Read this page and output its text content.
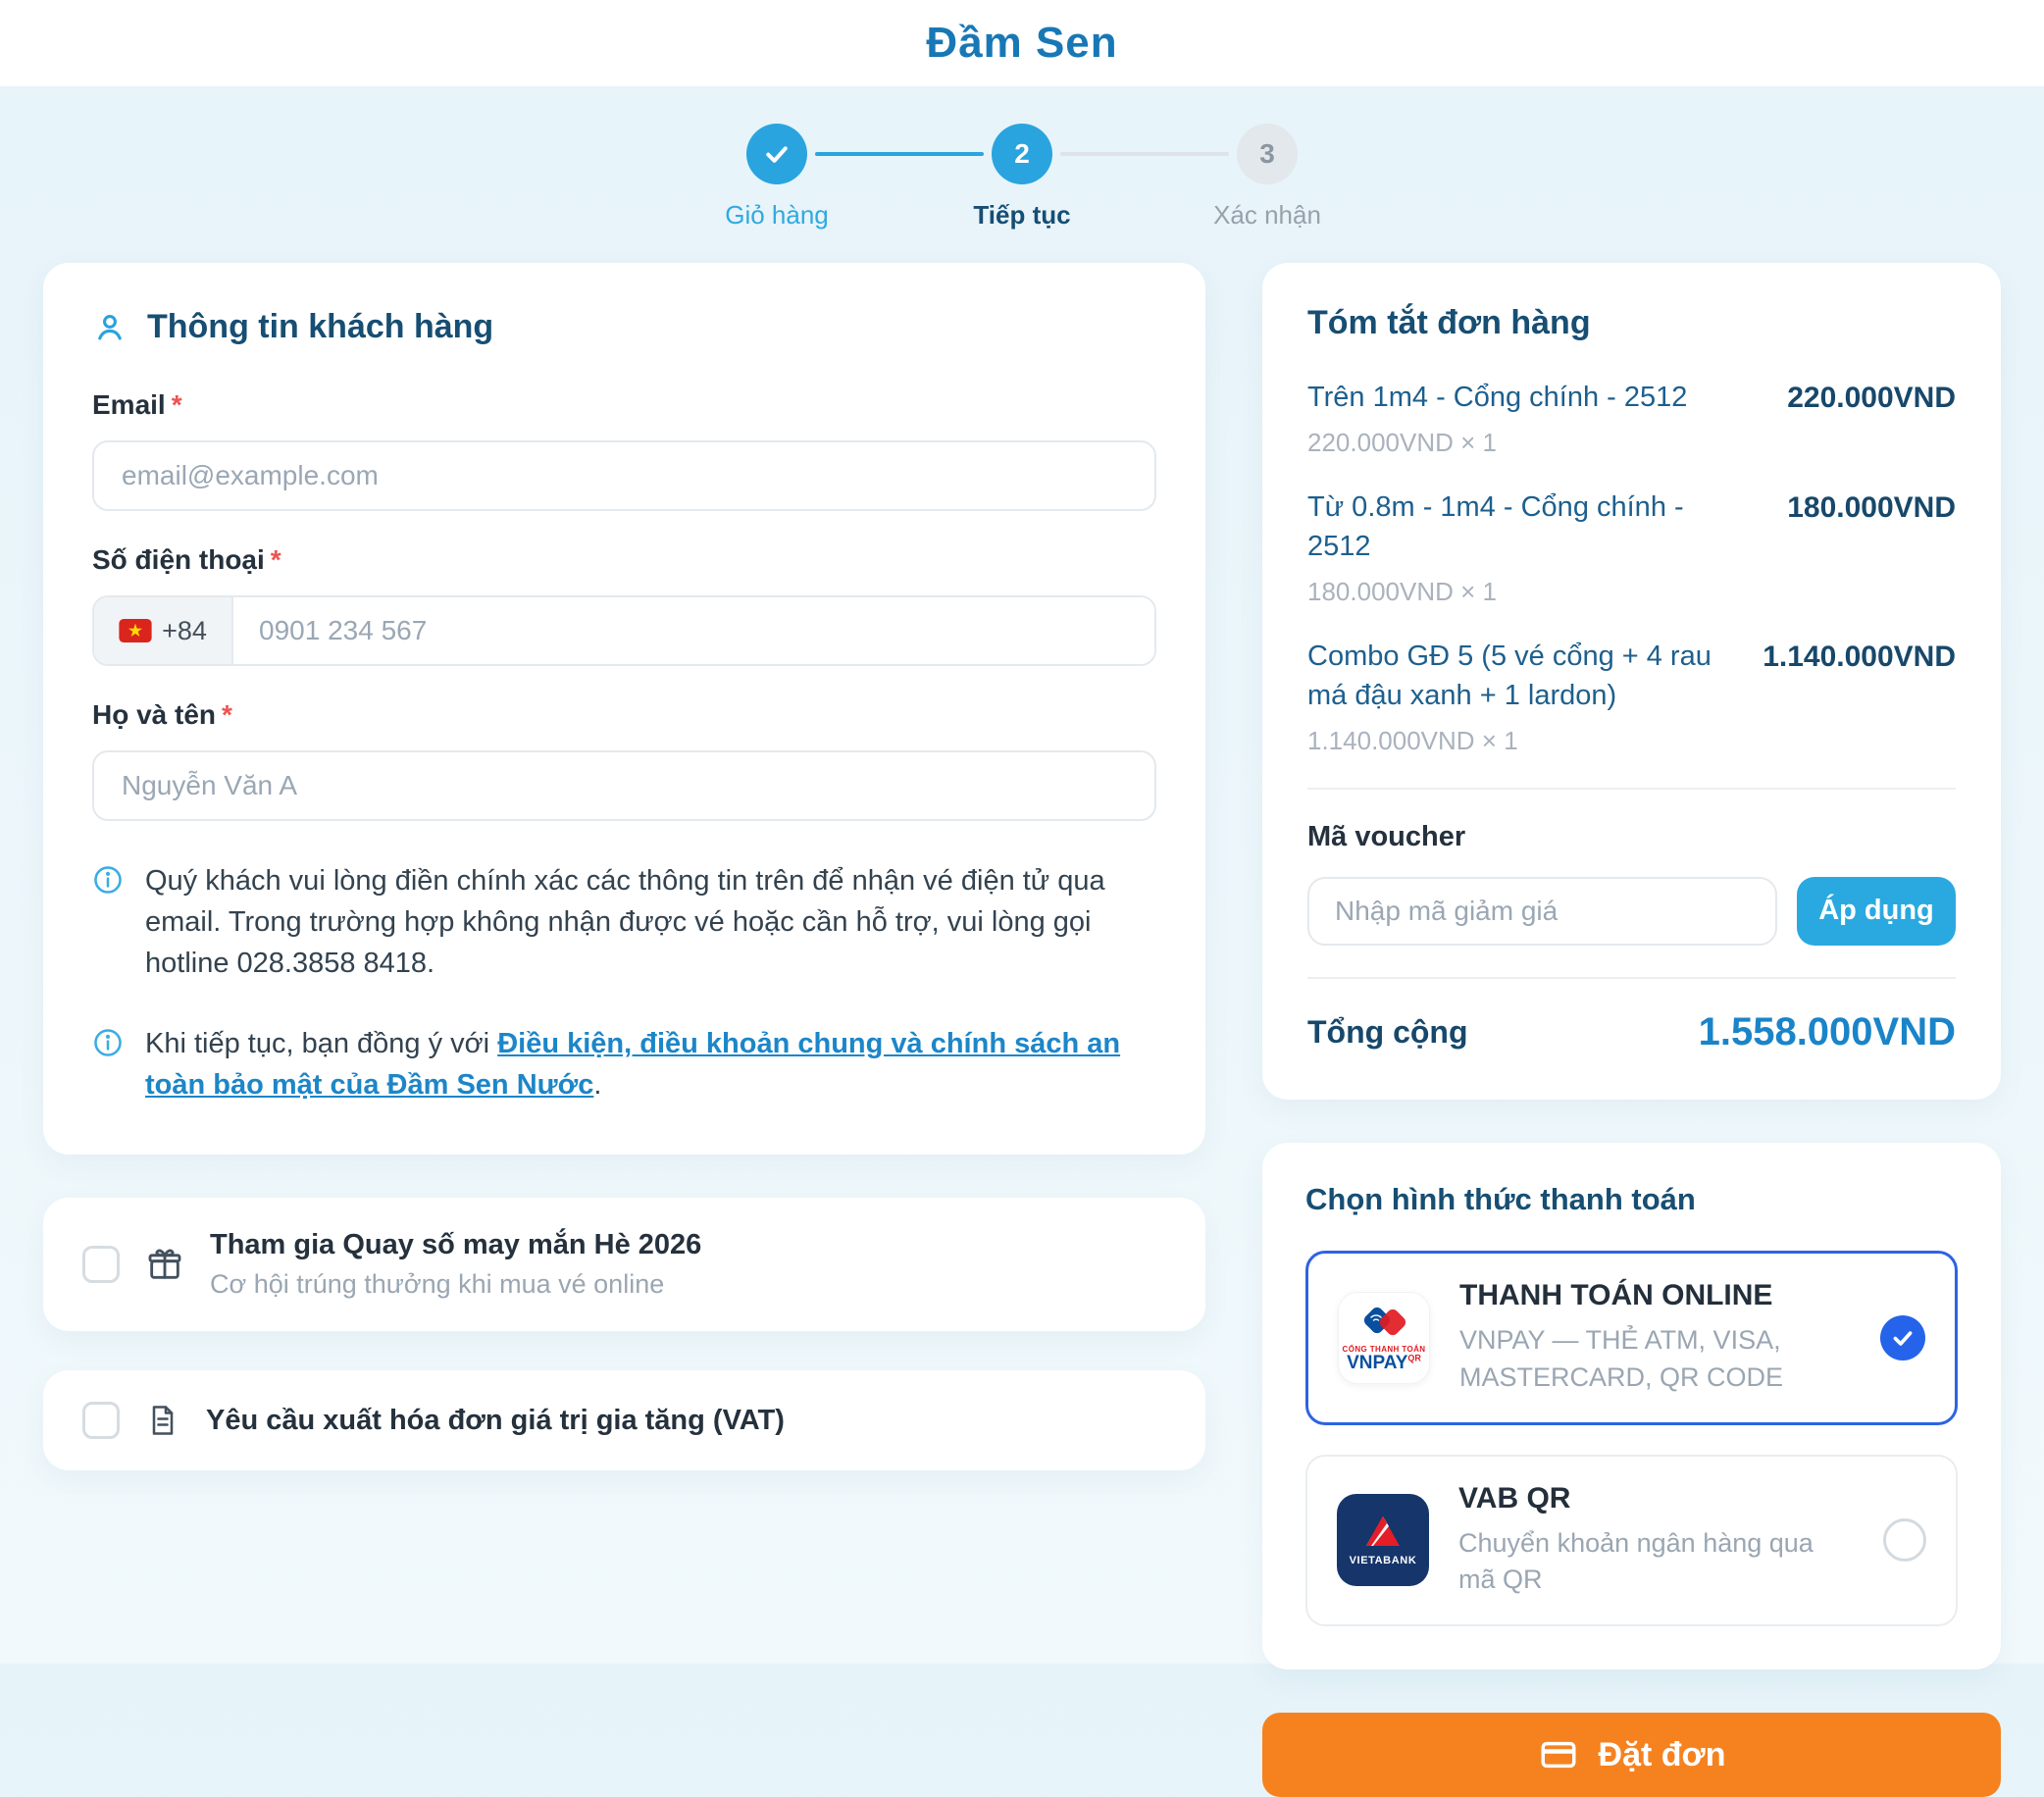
Đầm Sen
Giỏ hàng
2
Tiếp tục
3
Xác nhận
Thông tin khách hàng
Email *
email@example.com
Số điện thoại *
+84
0901 234 567
Họ và tên *
Nguyễn Văn A
Quý khách vui lòng điền chính xác các thông tin trên để nhận vé điện tử qua email. Trong trường hợp không nhận được vé hoặc cần hỗ trợ, vui lòng gọi hotline 028.3858 8418.
Khi tiếp tục, bạn đồng ý với Điều kiện, điều khoản chung và chính sách an toàn bảo mật của Đầm Sen Nước.
Tham gia Quay số may mắn Hè 2026
Cơ hội trúng thưởng khi mua vé online
Yêu cầu xuất hóa đơn giá trị gia tăng (VAT)
Tóm tắt đơn hàng
Trên 1m4 - Cổng chính - 2512
220.000VND × 1
220.000VND
Từ 0.8m - 1m4 - Cổng chính - 2512
180.000VND × 1
180.000VND
Combo GĐ 5 (5 vé cổng + 4 rau má đậu xanh + 1 lardon)
1.140.000VND × 1
1.140.000VND
Mã voucher
Nhập mã giảm giá
Áp dụng
Tổng cộng	1.558.000VND
Chọn hình thức thanh toán
CỔNG THANH TOÁN
$VNPAY^{QR}$
THANH TOÁN ONLINE
VNPAY — THẺ ATM, VISA, MASTERCARD, QR CODE
VIETABANK
VAB QR
Chuyển khoản ngân hàng qua mã QR
Đặt đơn
